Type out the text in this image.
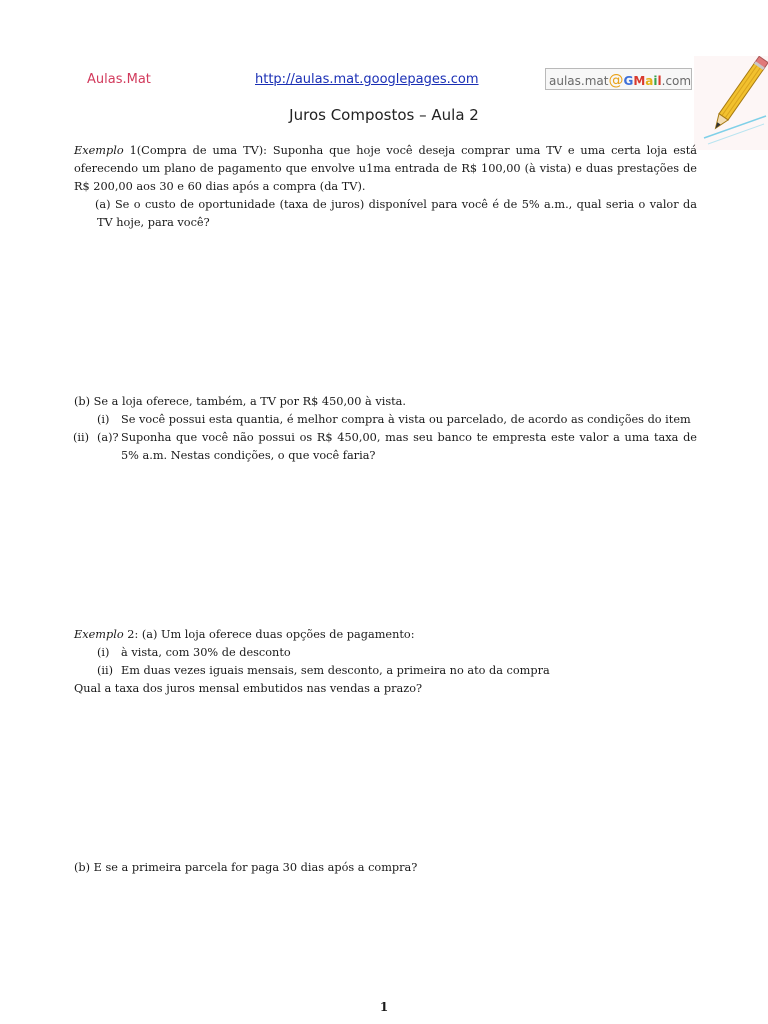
Aulas.Mat	http://aulas.mat.googlepages.com	aulas.mat@GMail.com
Juros Compostos – Aula 2
Exemplo 1(Compra de uma TV): Suponha que hoje você deseja comprar uma TV e uma certa loja está oferecendo um plano de pagamento que envolve u1ma entrada de R$ 100,00 (à vista) e duas prestações de R$ 200,00 aos 30 e 60 dias após a compra (da TV).
(a) Se o custo de oportunidade (taxa de juros) disponível para você é de 5% a.m., qual seria o valor da TV hoje, para você?
(b) Se a loja oferece, também, a TV por R$ 450,00 à vista.
(i) Se você possui esta quantia, é melhor compra à vista ou parcelado, de acordo as condições do item (a)?
(ii)	Suponha que você não possui os R$ 450,00, mas seu banco te empresta este valor a uma taxa de 5% a.m. Nestas condições, o que você faria?
Exemplo 2: (a) Um loja oferece duas opções de pagamento:
(i) à vista, com 30% de desconto
(ii) Em duas vezes iguais mensais, sem desconto, a primeira no ato da compra
Qual a taxa dos juros mensal embutidos nas vendas a prazo?
(b) E se a primeira parcela for paga 30 dias após a compra?
1
